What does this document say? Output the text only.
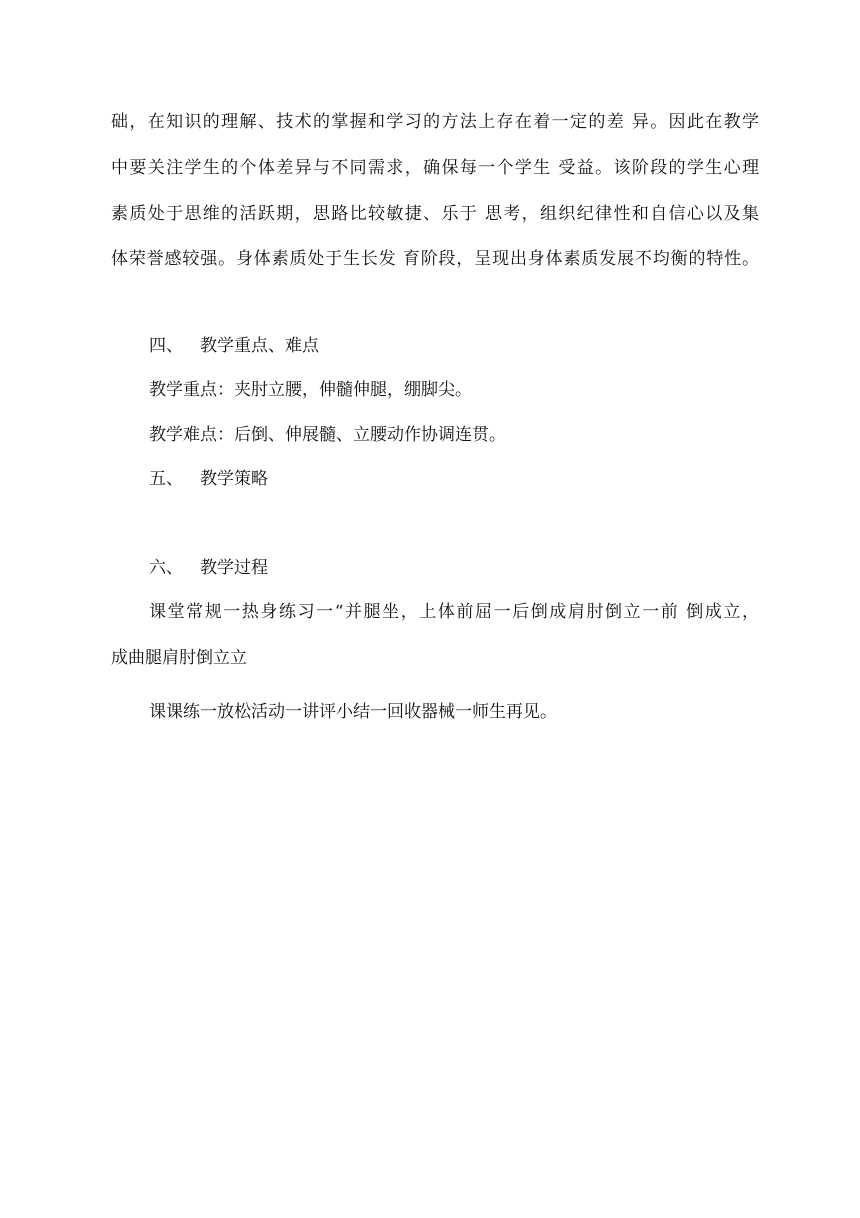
础，在知识的理解、技术的掌握和学习的方法上存在着一定的差 异。因此在教学
中要关注学生的个体差异与不同需求，确保每一个学生 受益。该阶段的学生心理
素质处于思维的活跃期，思路比较敏捷、乐于 思考，组织纪律性和自信心以及集
体荣誉感较强。身体素质处于生长发 育阶段，呈现出身体素质发展不均衡的特性。
四、 教学重点、难点
教学重点：夹肘立腰，伸髓伸腿，绷脚尖。
教学难点：后倒、伸展髓、立腰动作协调连贯。
五、 教学策略
六、 教学过程
课堂常规一热身练习一“并腿坐，上体前屈一后倒成肩肘倒立一前 倒成立，
成曲腿肩肘倒立立
课课练一放松活动一讲评小结一回收器械一师生再见。
